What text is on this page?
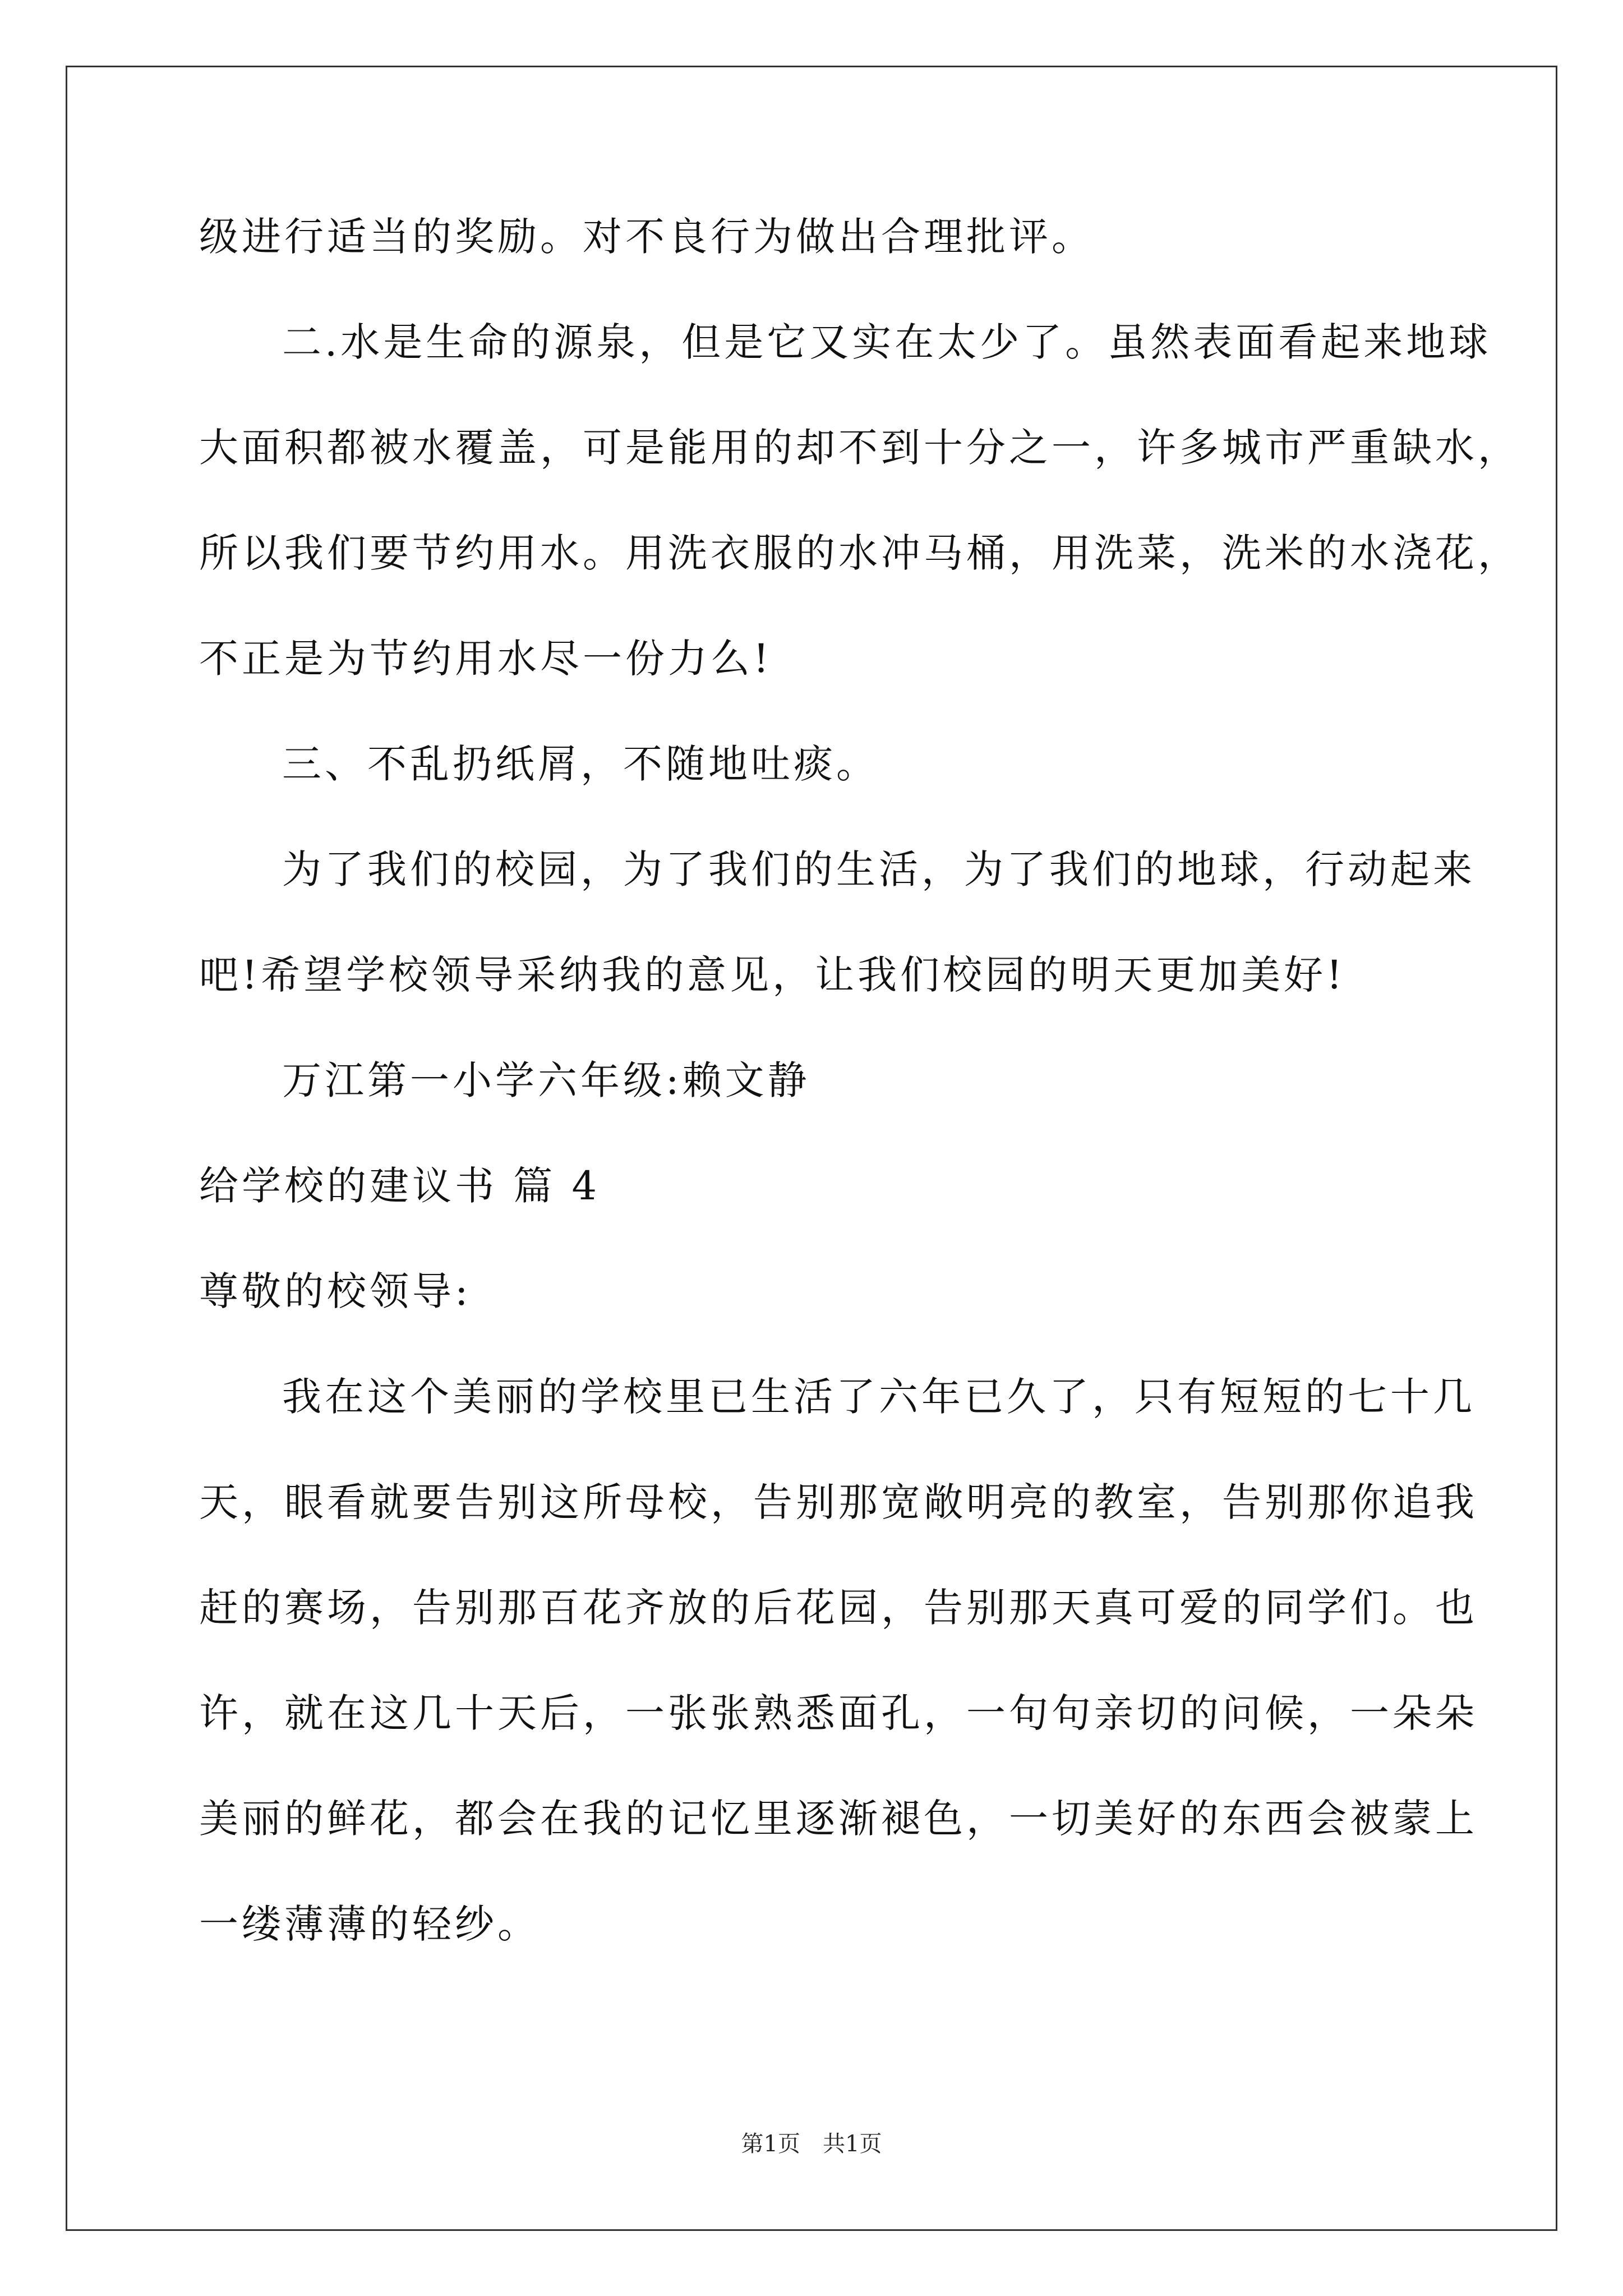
级进行适当的奖励。对不良行为做出合理批评。
二.水是生命的源泉，但是它又实在太少了。虽然表面看起来地球
大面积都被水覆盖，可是能用的却不到十分之一，许多城市严重缺水，
所以我们要节约用水。用洗衣服的水冲马桶，用洗菜，洗米的水浇花，
不正是为节约用水尽一份力么!
三、不乱扔纸屑，不随地吐痰。
为了我们的校园，为了我们的生活，为了我们的地球，行动起来
吧!希望学校领导采纳我的意见，让我们校园的明天更加美好!
万江第一小学六年级:赖文静
给学校的建议书 篇 4
尊敬的校领导:
我在这个美丽的学校里已生活了六年已久了，只有短短的七十几
天，眼看就要告别这所母校，告别那宽敞明亮的教室，告别那你追我
赶的赛场，告别那百花齐放的后花园，告别那天真可爱的同学们。也
许，就在这几十天后，一张张熟悉面孔，一句句亲切的问候，一朵朵
美丽的鲜花，都会在我的记忆里逐渐褪色，一切美好的东西会被蒙上
一缕薄薄的轻纱。
第1页 共1页
